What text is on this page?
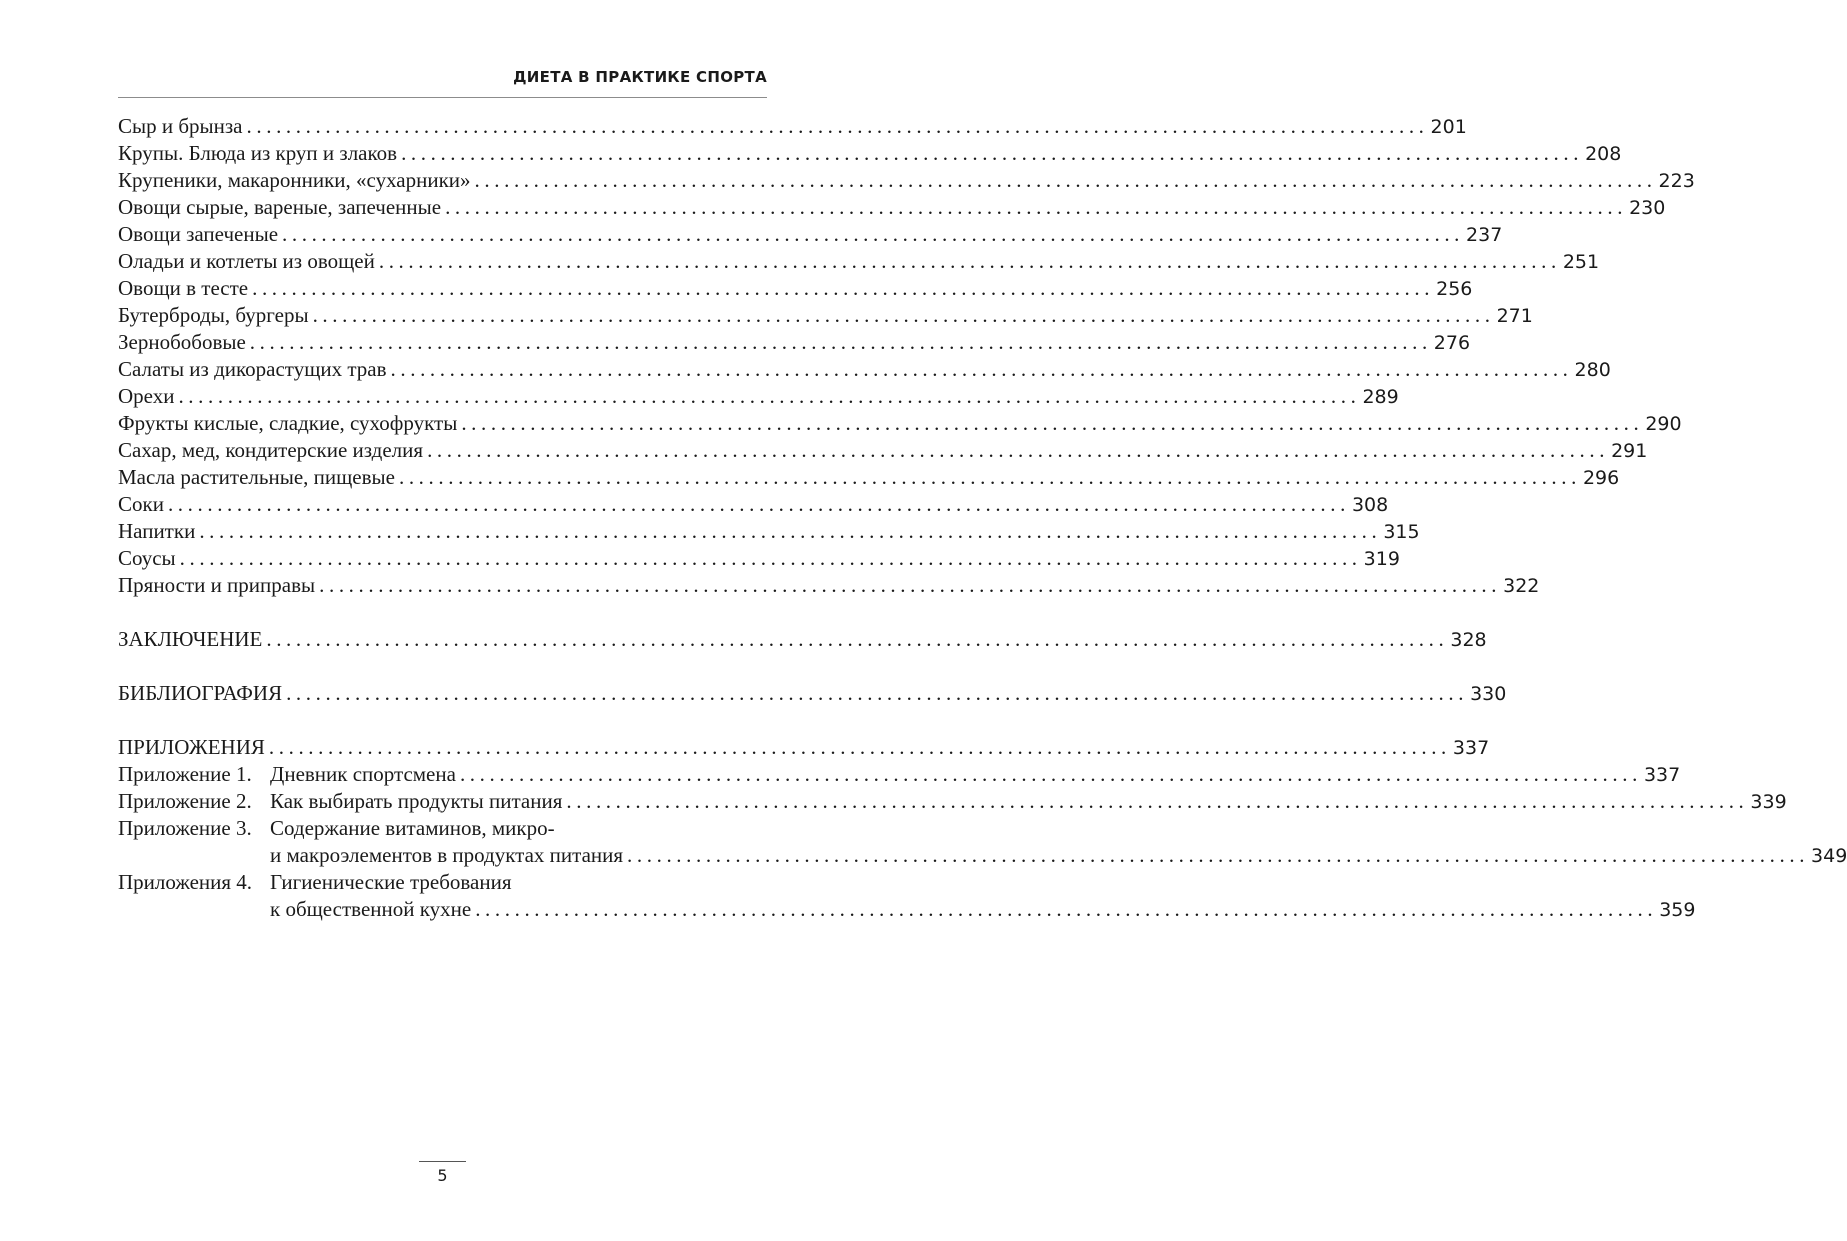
ДИЕТА В ПРАКТИКЕ СПОРТА
Сыр и брынза ........................................................................................................................ 201
Крупы. Блюда из круп и злаков ........................................................................................................................ 208
Крупеники, макаронники, «сухарники» ........................................................................................................................ 223
Овощи сырые, вареные, запеченные ........................................................................................................................ 230
Овощи запеченые ........................................................................................................................ 237
Оладьи и котлеты из овощей ........................................................................................................................ 251
Овощи в тесте ........................................................................................................................ 256
Бутерброды, бургеры ........................................................................................................................ 271
Зернобобовые ........................................................................................................................ 276
Салаты из дикорастущих трав ........................................................................................................................ 280
Орехи ........................................................................................................................ 289
Фрукты кислые, сладкие, сухофрукты ........................................................................................................................ 290
Сахар, мед, кондитерские изделия ........................................................................................................................ 291
Масла растительные, пищевые ........................................................................................................................ 296
Соки ........................................................................................................................ 308
Напитки ........................................................................................................................ 315
Соусы ........................................................................................................................ 319
Пряности и приправы ........................................................................................................................ 322
ЗАКЛЮЧЕНИЕ ........................................................................................................................ 328
БИБЛИОГРАФИЯ ........................................................................................................................ 330
ПРИЛОЖЕНИЯ ........................................................................................................................ 337
Приложение 1. Дневник спортсмена ........................................................................................................................ 337
Приложение 2. Как выбирать продукты питания ........................................................................................................................ 339
Приложение 3. Содержание витаминов, микро-
и макроэлементов в продуктах питания ........................................................................................................................ 349
Приложения 4. Гигиенические требования
к общественной кухне ........................................................................................................................ 359
5
